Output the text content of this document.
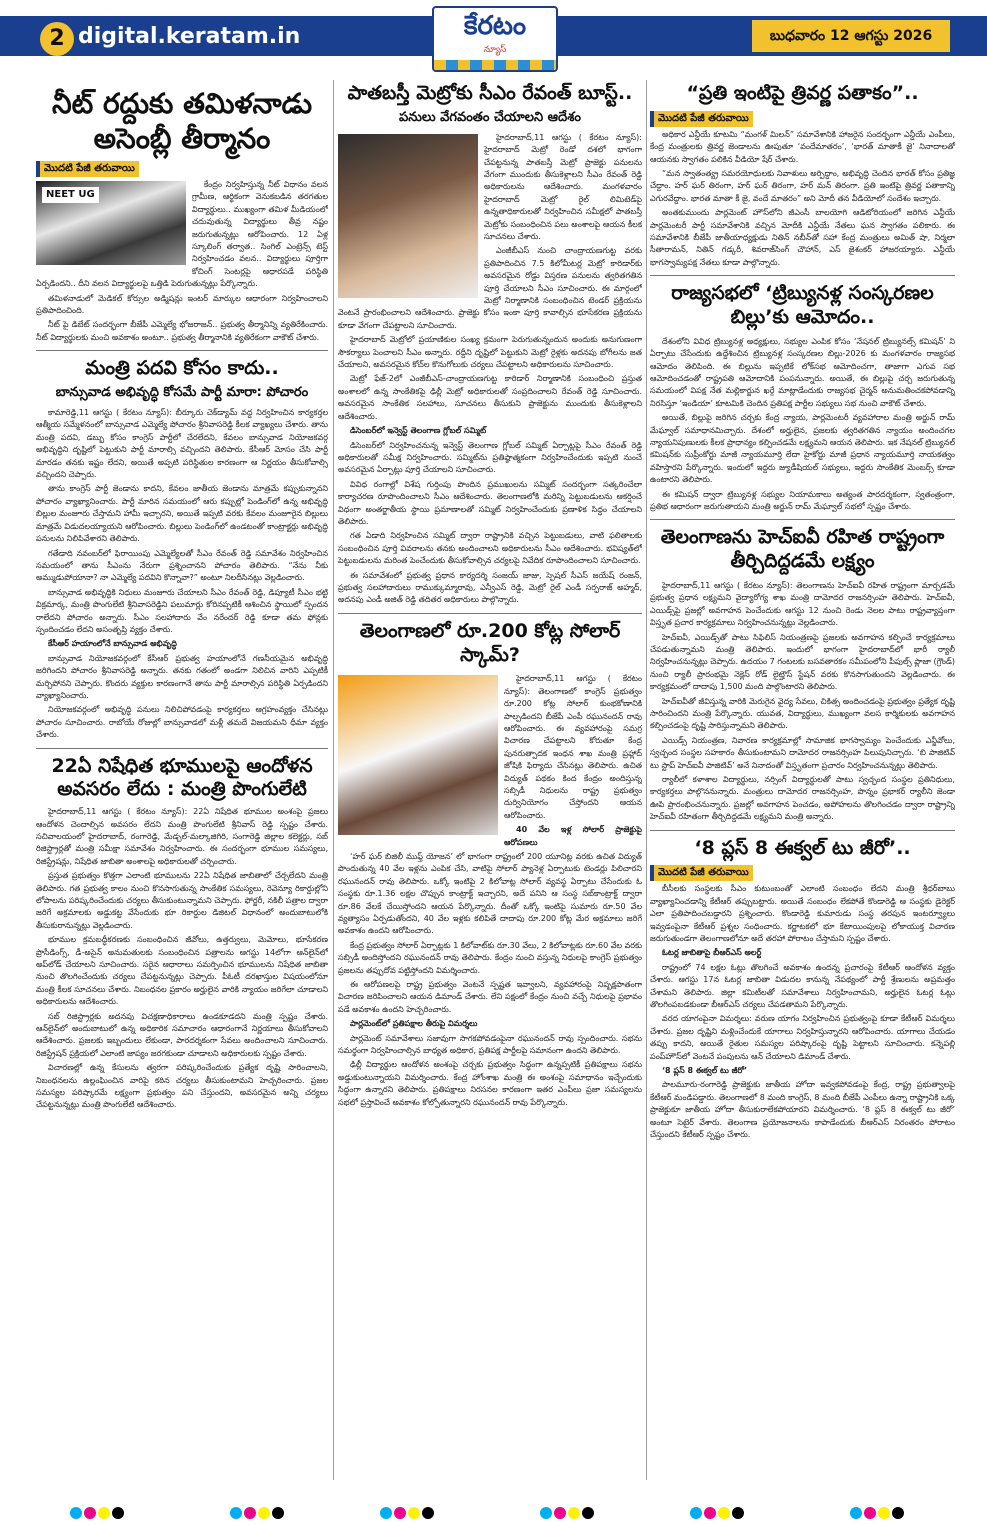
2 digital.keratam.in	కేరటం
న్యూస్
బుధవారం 12 ఆగస్టు 2026
నీట్ రద్దుకు తమిళనాడు అసెంబ్లీ తీర్మానం
మొదటి పేజీ తరువాయి
NEET UG

కేంద్రం నిర్వహిస్తున్న నీట్ విధానం వలన గ్రామీణ, ఆర్థికంగా వెనుకబడిన తరగతుల విద్యార్థులు.. ముఖ్యంగా తమిళ మీడియంలో చదువుతున్న విద్యార్థులు తీవ్ర నష్టం జరుగుతున్నట్లు ఆరోపించారు. 12 ఏళ్ల స్కూలింగ్ తర్వాత.. సింగిల్ ఎంట్రెన్స్ టెస్ట్ నిర్వహించడం వలన.. విద్యార్థులు పూర్తిగా కోచింగ్ సెంటర్లపై ఆధారపడే పరిస్థితి ఏర్పడిందని.. దీని వలన విద్యార్థులపై ఒత్తిడి పెరుగుతున్నట్లు పేర్కొన్నారు.

తమిళనాడులో మెడికల్ కోర్సుల అడ్మిషన్లు ఇంటర్ మార్కుల ఆధారంగా నిర్వహించాలని ప్రతిపాదించింది.

నీట్ పై డిబేట్ సందర్భంగా బీజేపీ ఎమ్మెల్యే భోజరాజన్.. ప్రభుత్వ తీర్మానిన్ని వ్యతిరేకించారు. నీట్ విద్యార్థులకు మంచి అవకాశం అంటూ.. ప్రభుత్వ తీర్మానానికి వ్యతిరేకంగా వాకౌట్ చేశారు.

మంత్రి పదవి కోసం కాదు..
బాన్సువాడ అభివృద్ధి కోసమే పార్టీ మారా: పోచారం

కామారెడ్డి,11 ఆగస్టు ( కేరటం న్యూస్): బీర్కూరు చెక్‌డ్యామ్ వద్ద నిర్వహించిన కార్యకర్తల ఆత్మీయ సమ్మేళనంలో బాన్సువాడ ఎమ్మెల్యే పోచారం శ్రీనివాసరెడ్డి కీలక వ్యాఖ్యలు చేశారు. తాను మంత్రి పదవి, డబ్బు కోసం కాంగ్రెస్ పార్టీలో చేరలేదని, కేవలం బాన్సువాడ నియోజకవర్గ అభివృద్ధిని దృష్టిలో పెట్టుకుని పార్టీ మారాల్సి వచ్చిందని తెలిపారు. కేసీఆర్ మోసం చేసి పార్టీ మారడం తనకు ఇష్టం లేదని, అయితే అప్పటి పరిస్థితుల కారణంగా ఆ నిర్ణయం తీసుకోవాల్సి వచ్చిందని చెప్పారు.

తాను కాంగ్రెస్ పార్టీ జెండాను కాదని, కేవలం జాతీయ జెండాను మాత్రమే కప్పుకున్నానని పోచారం వ్యాఖ్యానించారు. పార్టీ మారిన సమయంలో ఆరు కప్పుల్లో పెండింగ్‌లో ఉన్న అభివృద్ధి బిల్లుల మంజూరు చేస్తామని హామీ ఇచ్చారని, అయితే ఇప్పటి వరకు కేవలం మంజూరైన బిల్లులు మాత్రమే విడుదలయ్యాయని ఆరోపించారు. బిల్లులు పెండింగ్‌లో ఉండటంతో కాంట్రాక్టర్లు అభివృద్ధి పనులను నిలిపివేశారని తెలిపారు.

గతేడాది నవంబర్‌లో ఫిరాయింపు ఎమ్మెల్యేలతో సీఎం రేవంత్ రెడ్డి సమావేశం నిర్వహించిన సమయంలో తాను సీఎంను నేరుగా ప్రశ్నించానని పోచారం తెలిపారు. “నేను నీకు అమ్ముడుపోయానా? నా ఎమ్మెల్యే పదవిని కొన్నావా?” అంటూ నిలదీసినట్లు వెల్లడించారు.

బాన్సువాడ అభివృద్ధికి నిధులు మంజూరు చేయాలని సీఎం రేవంత్ రెడ్డి, డిప్యూటీ సీఎం భట్టి విక్రమార్క, మంత్రి పొంగులేటి శ్రీనివాసరెడ్డిని పలుమార్లు కోరినప్పటికీ ఆశించిన స్థాయిలో స్పందన రాలేదని పోచారం అన్నారు. సీఎం సలహాదారు వేం నరేందర్ రెడ్డి కూడా తమ ఫోన్లకు స్పందించడం లేదని అసంతృప్తి వ్యక్తం చేశారు.

కేసీఆర్ హయాంలోనే బాన్సువాడ అభివృద్ధి

బాన్సువాడ నియోజకవర్గంలో కేసీఆర్ ప్రభుత్వ హయాంలోనే గణనీయమైన అభివృద్ధి జరిగిందని పోచారం శ్రీనివాసరెడ్డి అన్నారు. తనకు గతంలో అండగా నిలిచిన వారిని ఎప్పటికీ మర్చిపోనని చెప్పారు. కొందరు వ్యక్తుల కారణంగానే తాను పార్టీ మారాల్సిన పరిస్థితి ఏర్పడిందని వ్యాఖ్యానించారు.

నియోజకవర్గంలో అభివృద్ధి పనులు నిలిచిపోవడంపై కార్యకర్తలు ఆగ్రహంవ్యక్తం చేసినట్లు పోచారం సూచించారు. రాబోయే రోజుల్లో బాన్సువాడలో మళ్లీ తమదే విజయమని ధీమా వ్యక్తం చేశారు.

22ఏ నిషేధిత భూములపై ఆందోళన అవసరం లేదు : మంత్రి పొంగులేటి

హైదరాబాద్,11 ఆగస్టు ( కేరటం న్యూస్): 22ఏ నిషేధిత భూముల అంశంపై ప్రజలు ఆందోళన చెందాల్సిన అవసరం లేదని మంత్రి పొంగులేటి శ్రీనివాస్ రెడ్డి స్పష్టం చేశారు. సచివాలయంలో హైదరాబాద్, రంగారెడ్డి, మేడ్చల్-మల్కాజిగిరి, సంగారెడ్డి జిల్లాల కలెక్టర్లు, సబ్ రిజిస్ట్రార్లతో మంత్రి సమీక్షా సమావేశం నిర్వహించారు. ఈ సందర్భంగా భూముల సమస్యలు, రిజిస్ట్రేషన్లు, నిషేధిత జాబితా అంశాలపై అధికారులతో చర్చించారు.

ప్రస్తుత ప్రభుత్వం కొత్తగా ఎలాంటి భూములను 22ఏ నిషేధిత జాబితాలో చేర్చలేదని మంత్రి తెలిపారు. గత ప్రభుత్వ కాలం నుంచి కొనసాగుతున్న సాంకేతిక సమస్యలు, రెవెన్యూ రికార్డుల్లోని లోపాలను పరిష్కరించేందుకు చర్యలు తీసుకుంటున్నామని చెప్పారు. ఫోర్జరీ, నకిలీ పత్రాల ద్వారా జరిగే అక్రమాలకు అడ్డుకట్ట వేసేందుకు భూ రికార్డుల డిజిటల్ విధానంలో అందుబాటులోకి తీసుకురానున్నట్లు వెల్లడించారు.

భూముల క్రమబద్ధీకరణకు సంబంధించిన జీవోలు, ఉత్తర్వులు, మెమోలు, భూసేకరణ ప్రొసీడింగ్స్, డీ-అసైన్ అనుమతులకు సంబంధించిన పత్రాలను ఆగస్టు 14లోగా ఆన్‌లైన్‌లో అప్‌లోడ్ చేయాలని సూచించారు. సరైన ఆధారాలు సమర్పించిన భూములను నిషేధిత జాబితా నుంచి తొలగించేందుకు చర్యలు చేపట్టనున్నట్లు చెప్పారు. పీఓటీ దరఖాస్తుల విషయంలోనూ మంత్రి కీలక సూచనలు చేశారు. నిబంధనల ప్రకారం అర్హులైన వారికి న్యాయం జరిగేలా చూడాలని అధికారులను ఆదేశించారు.

సబ్ రిజిస్ట్రార్లకు అదనపు విచక్షణాధికారాలు ఉండకూడదని మంత్రి స్పష్టం చేశారు. ఆన్‌లైన్‌లో అందుబాటులో ఉన్న అధికారిక సమాచారం ఆధారంగానే నిర్ణయాలు తీసుకోవాలని ఆదేశించారు. ప్రజలకు ఇబ్బందులు లేకుండా, పారదర్శకంగా సేవలు అందించాలని సూచించారు. రిజిస్ట్రేషన్ ప్రక్రియలో ఎలాంటి జాప్యం జరగకుండా చూడాలని అధికారులకు స్పష్టం చేశారు.

విచారణల్లో ఉన్న కేసులను త్వరగా పరిష్కరించేందుకు ప్రత్యేక దృష్టి సారించాలని, నిబంధనలను ఉల్లంఘించిన వారిపై కఠిన చర్యలు తీసుకుంటామని హెచ్చరించారు. ప్రజల సమస్యల పరిష్కారమే లక్ష్యంగా ప్రభుత్వం పని చేస్తుందని, అవసరమైన అన్ని చర్యలు చేపట్టనున్నట్లు మంత్రి పొంగులేటి ఆదేశించారు.

పాతబస్తీ మెట్రోకు సీఎం రేవంత్ బూస్ట్..
పనులు వేగవంతం చేయాలని ఆదేశం

హైదరాబాద్,11 ఆగస్టు ( కేరటం న్యూస్): హైదరాబాద్ మెట్రో రెండో దశలో భాగంగా చేపట్టనున్న పాతబస్తీ మెట్రో ప్రాజెక్టు పనులను వేగంగా ముందుకు తీసుకెళ్లాలని సీఎం రేవంత్ రెడ్డి అధికారులను ఆదేశించారు. మంగళవారం హైదరాబాద్ మెట్రో రైల్ లిమిటెడ్‌పై ఉన్నతాధికారులతో నిర్వహించిన సమీక్షలో పాతబస్తీ మెట్రోకు సంబంధించిన పలు అంశాలపై ఆయన కీలక సూచనలు చేశారు.

ఎంజీబీఎస్ నుంచి చాంద్రాయణగుట్ట వరకు ప్రతిపాదించిన 7.5 కిలోమీటర్ల మెట్రో కారిడార్‌కు అవసరమైన రోడ్డు విస్తరణ పనులను త్వరితగతిన పూర్తి చేయాలని సీఎం సూచించారు. ఈ మార్గంలో మెట్రో నిర్మాణానికి సంబంధించిన టెండర్ ప్రక్రియను వెంటనే ప్రారంభించాలని ఆదేశించారు. ప్రాజెక్టు కోసం ఇంకా పూర్తి కావాల్సిన భూసేకరణ ప్రక్రియను కూడా వేగంగా చేపట్టాలని సూచించారు.

హైదరాబాద్ మెట్రోలో ప్రయాణికుల సంఖ్య క్రమంగా పెరుగుతున్నందున అందుకు అనుగుణంగా సౌకర్యాలు పెంచాలని సీఎం అన్నారు. రద్దీని దృష్టిలో పెట్టుకుని మెట్రో రైళ్లకు అదనపు బోగీలను జత చేయాలని, అవసరమైన కోచ్‌ల కొనుగోలుకు చర్యలు చేపట్టాలని అధికారులను సూచించారు.

మెట్రో ఫేజ్-2లో ఎంజీబీఎస్-చాంద్రాయణగుట్ట కారిడార్ నిర్మాణానికి సంబంధించి ప్రస్తుత అంశాలలో ఉన్న సాంకేతికపై ఢిల్లీ మెట్రో అధికారులతో సంప్రదించాలని రేవంత్ రెడ్డి సూచించారు. అవసరమైన సాంకేతిక సలహాలు, సూచనలు తీసుకుని ప్రాజెక్టును ముందుకు తీసుకెళ్లాలని ఆదేశించారు.

డిసెంబర్‌లో ఇన్వెస్ట్ తెలంగాణ గ్లోబల్ సమ్మిట్

డిసెంబర్‌లో నిర్వహించనున్న ఇన్వెస్ట్ తెలంగాణ గ్లోబల్ సమ్మిట్ ఏర్పాట్లపై సీఎం రేవంత్ రెడ్డి అధికారులతో సమీక్ష నిర్వహించారు. సమ్మిట్‌ను ప్రతిష్ఠాత్మకంగా నిర్వహించేందుకు ఇప్పటి నుంచే అవసరమైన ఏర్పాట్లు పూర్తి చేయాలని సూచించారు.

వివిధ రంగాల్లో విశేష గుర్తింపు పొందిన ప్రముఖులను సమ్మిట్ సందర్భంగా సత్కరించేలా కార్యాచరణ రూపొందించాలని సీఎం ఆదేశించారు. తెలంగాణలోకి మరిన్ని పెట్టుబడులను ఆకర్షించే విధంగా అంతర్జాతీయ స్థాయి ప్రమాణాలతో సమ్మిట్ నిర్వహించేందుకు ప్రణాళిక సిద్ధం చేయాలని తెలిపారు.

గత ఏడాది నిర్వహించిన సమ్మిట్ ద్వారా రాష్ట్రానికి వచ్చిన పెట్టుబడులు, వాటి ఫలితాలకు సంబంధించిన పూర్తి వివరాలను తనకు అందించాలని అధికారులను సీఎం ఆదేశించారు. భవిష్యత్‌లో పెట్టుబడులను మరింత పెంచేందుకు తీసుకోవాల్సిన చర్యలపై నివేదిక రూపొందించాలని సూచించారు.

ఈ సమావేశంలో ప్రభుత్వ ప్రధాన కార్యదర్శి సంజయ్ జాజు, స్పెషల్ సీఎస్ జయేష్ రంజన్, ప్రభుత్వ సలహాదారులు రాముక్కుమ్మారావు, ఎన్వీఎస్ రెడ్డి, మెట్రో రైల్ ఎండీ సర్ఫరాజ్ అహ్మద్, అదనపు ఎండీ అజిత్ రెడ్డి తదితర అధికారులు పాల్గొన్నారు.

తెలంగాణలో రూ.200 కోట్ల సోలార్ స్కామ్?

హైదరాబాద్,11 ఆగస్టు ( కేరటం న్యూస్): తెలంగాణలో కాంగ్రెస్ ప్రభుత్వం రూ.200 కోట్ల సోలార్ కుంభకోణానికి పాల్పడిందని బీజేపీ ఎంపీ రఘునందన్ రావు ఆరోపించారు. ఈ వ్యవహారంపై సమగ్ర విచారణ చేపట్టాలని కోరుతూ కేంద్ర పునరుత్పాదక ఇంధన శాఖ మంత్రి ప్రహ్లాద్ జోషికి ఫిర్యాదు చేసినట్లు తెలిపారు. ఉచిత విద్యుత్ పథకం కింద కేంద్రం అందిస్తున్న సబ్సిడీ నిధులను రాష్ట్ర ప్రభుత్వం దుర్వినియోగం చేస్తోందని ఆయన ఆరోపించారు.

40 వేల ఇళ్ల సోలార్ ప్రాజెక్టుపై ఆరోపణలు

‘హర్ ఘర్ బిజిలీ ముఫ్త్ యోజన’ లో భాగంగా రాష్ట్రంలో 200 యూనిట్ల వరకు ఉచిత విద్యుత్ పొందుతున్న 40 వేల ఇళ్లను ఎంపిక చేసి, వాటిపై సోలార్ ప్యానెళ్ల ఏర్పాటుకు టెండర్లు పిలిచారని రఘునందన్ రావు తెలిపారు. ఒక్కో ఇంటిపై 2 కిలోవాట్ల సోలార్ వ్యవస్థ ఏర్పాటు చేసేందుకు ఓ సంస్థకు రూ.1.36 లక్షల చొప్పున కాంట్రాక్ట్ ఇచ్చారని, అదే పనిని ఆ సంస్థ సబ్‌కాంట్రాక్ట్ ద్వారా రూ.86 వేలకే చేయిస్తోందని ఆయన పేర్కొన్నారు. దీంతో ఒక్కో ఇంటిపై సుమారు రూ.50 వేల వ్యత్యాసం ఏర్పడుతోందని, 40 వేల ఇళ్లకు కలిపితే దాదాపు రూ.200 కోట్ల మేర అక్రమాలు జరిగే అవకాశం ఉందని ఆరోపించారు.

కేంద్ర ప్రభుత్వం సోలార్ ఏర్పాట్లకు 1 కిలోవాట్‌కు రూ.30 వేలు, 2 కిలోవాట్లకు రూ.60 వేల వరకు సబ్సిడీ అందిస్తోందని రఘునందన్ రావు తెలిపారు. కేంద్రం నుంచి వస్తున్న నిధులపై కాంగ్రెస్ ప్రభుత్వం ప్రజలను తప్పుదోవ పట్టిస్తోందని విమర్శించారు.

ఈ ఆరోపణలపై రాష్ట్ర ప్రభుత్వం వెంటనే స్పష్టత ఇవ్వాలని, వ్యవహారంపై నిష్పక్షపాతంగా విచారణ జరిపించాలని ఆయన డిమాండ్ చేశారు. లేని పక్షంలో కేంద్రం నుంచి వచ్చే నిధులపై ప్రభావం పడే అవకాశం ఉందని హెచ్చరించారు.

పార్లమెంట్‌లో ప్రతిపక్షాల తీరుపై విమర్శలు

పార్లమెంట్ సమావేశాలు సజావుగా సాగకపోవడంపైనా రఘునందన్ రావు స్పందించారు. సభను సమర్థంగా నిర్వహించాల్సిన బాధ్యత అధికార, ప్రతిపక్ష పార్టీలపై సమానంగా ఉందని తెలిపారు.

ఢిల్లీ విద్యార్థుల ఆందోళన అంశంపై చర్చకు ప్రభుత్వం సిద్ధంగా ఉన్నప్పటికీ ప్రతిపక్షాలు సభను అడ్డుకుంటున్నాయని విమర్శించారు. కేంద్ర హోంశాఖ మంత్రి ఈ అంశంపై సమాధానం ఇచ్చేందుకు సిద్ధంగా ఉన్నారని తెలిపారు. ప్రతిపక్షాలు నిరసనల కారణంగా ఇతర ఎంపీలు ప్రజా సమస్యలను సభలో ప్రస్తావించే అవకాశం కోల్పోతున్నారని రఘునందన్ రావు పేర్కొన్నారు.

“ప్రతి ఇంటిపై త్రివర్ణ పతాకం”..
మొదటి పేజీ తరువాయి

అధికార ఎన్డీయే కూటమి “మంగళ్ మిలన్” సమావేశానికి హాజరైన సందర్భంగా ఎన్డీయే ఎంపీలు, కేంద్ర మంత్రులకు త్రివర్ణ జెండాలను ఊపుతూ ‘వందేమాతరం’, ‘భారత్ మాతాకీ జై’ నినాదాలతో ఆయనకు స్వాగతం పలికిన వీడియో షేర్ చేశారు.

“మన స్వాతంత్య్ర సమరయోధులకు నివాళులు అర్పిద్దాం, అభివృద్ధి చెందిన భారత్ కోసం ప్రతిజ్ఞ చేద్దాం. హర్ ఘర్ తిరంగా, హర్ ఘర్ తిరంగా, హర్ మన్ తిరంగా. ప్రతి ఇంటిపై త్రివర్ణ పతాకాన్ని ఎగురవేద్దాం. భారత మాతా కీ జై, వందే మాతరం” అని మోదీ తన వీడియోలో సందేశం ఇచ్చారు.

అంతకుముందు పార్లమెంట్ హౌస్‌లోని జీఎంసీ బాలయోగి ఆడిటోరియంలో జరిగిన ఎన్డీయే పార్లమెంటరీ పార్టీ సమావేశానికి వచ్చిన మోదీకి ఎన్డీయే నేతలు ఘన స్వాగతం పలికారు. ఈ సమావేశానికి బీజేపీ జాతీయాధ్యక్షుడు నితిన్ నబీన్‌తో సహా కేంద్ర మంత్రులు అమిత్ షా, నిర్మలా సీతారామన్, నితిన్ గడ్కరీ, శివరాజ్‌సింగ్ చౌహాన్, ఎస్ జైశంకర్ హాజరయ్యారు. ఎన్డీయే భాగస్వామ్యపక్ష నేతలు కూడా పాల్గొన్నారు.

రాజ్యసభలో ‘ట్రిబ్యునళ్ల సంస్కరణల బిల్లు’కు ఆమోదం..

దేశంలోని వివిధ ట్రిబ్యునళ్ల అధ్యక్షులు, సభ్యుల ఎంపిక కోసం ‘నేషనల్ ట్రిబ్యునల్స్ కమిషన్’ ని ఏర్పాటు చేసేందుకు ఉద్దేశించిన ట్రిబ్యునళ్ల సంస్కరణల బిల్లు-2026 కు మంగళవారం రాజ్యసభ ఆమోదం తెలిపింది. ఈ బిల్లును ఇప్పటికే లోక్‌సభ ఆమోదించగా, తాజాగా ఎగువ సభ ఆమోదించడంతో రాష్ట్రపతి ఆమోదానికి పంపనున్నారు. అయితే, ఈ బిల్లుపై చర్చ జరుగుతున్న సమయంలో విపక్ష నేత మల్లికార్జున ఖర్గే మాట్లాడేందుకు రాజ్యసభ చైర్మన్ అనుమతించకపోవడాన్ని నిరసిస్తూ ‘ఇండియా’ కూటమికి చెందిన ప్రతిపక్ష పార్టీల సభ్యులు సభ నుంచి వాకౌట్ చేశారు.

అయితే, బిల్లుపై జరిగిన చర్చకు కేంద్ర న్యాయ, పార్లమెంటరీ వ్యవహారాల మంత్రి అర్జున్ రామ్ మేఘ్వాల్ సమాధానమిచ్చారు. దేశంలో అర్హులైన, ప్రజలకు త్వరితగతిన న్యాయం అందించగల న్యాయనిపుణులకు కీలక ప్రాధాన్యం కల్పించడమే లక్ష్యమని ఆయన తెలిపారు. ఇక నేషనల్ ట్రిబ్యునల్ కమిషన్‌కు సుప్రీంకోర్టు మాజీ న్యాయమూర్తి లేదా హైకోర్టు మాజీ ప్రధాన న్యాయమూర్తి నాయకత్వం వహిస్తారని పేర్కొన్నారు. ఇందులో ఇద్దరు జ్యుడీషియల్ సభ్యులు, ఇద్దరు సాంకేతిక మెంబర్స్ కూడా ఉంటారని తెలిపారు.

ఈ కమిషన్ ద్వారా ట్రిబ్యునళ్ల సభ్యుల నియామకాలు అత్యంత పారదర్శకంగా, స్వతంత్రంగా, ప్రతిభ ఆధారంగా జరుగుతాయని మంత్రి అర్జున్ రామ్ మేఘ్వాల్ సభలో స్పష్టం చేశారు.

తెలంగాణను హెచ్‌ఐవీ రహిత రాష్ట్రంగా తీర్చిదిద్దడమే లక్ష్యం

హైదరాబాద్,11 ఆగస్టు ( కేరటం న్యూస్): తెలంగాణను హెచ్‌ఐవీ రహిత రాష్ట్రంగా మార్చడమే ప్రభుత్వ ప్రధాన లక్ష్యమని వైద్యారోగ్య శాఖ మంత్రి దామోదర రాజనర్సింహ తెలిపారు. హెచ్‌ఐవీ, ఎయిడ్స్‌పై ప్రజల్లో అవగాహన పెంచేందుకు ఆగస్టు 12 నుంచి రెండు నెలల పాటు రాష్ట్రవ్యాప్తంగా విస్తృత ప్రచార కార్యక్రమాలు నిర్వహించనున్నట్లు వెల్లడించారు.

హెచ్‌ఐవీ, ఎయిడ్స్‌తో పాటు సిఫిలిస్ నియంత్రణపై ప్రజలకు అవగాహన కల్పించే కార్యక్రమాలు చేపడుతున్నామని మంత్రి తెలిపారు. ఇందులో భాగంగా హైదరాబాద్‌లో భారీ ర్యాలీ నిర్వహించనున్నట్లు చెప్పారు. ఉదయం 7 గంటలకు బసవతారకం సమీపంలోని పీపుల్స్ ప్లాజా (గ్రౌండ్) నుంచి ర్యాలీ ప్రారంభమై నెక్లెస్ రోడ్ లైట్హౌస్ స్టేషన్ వరకు కొనసాగుతుందని వెల్లడించారు. ఈ కార్యక్రమంలో దాదాపు 1,500 మంది పాల్గొంటారని తెలిపారు.

హెచ్‌ఐవీతో జీవిస్తున్న వారికి మెరుగైన వైద్య సేవలు, చికిత్స అందించడంపై ప్రభుత్వం ప్రత్యేక దృష్టి సారించిందని మంత్రి పేర్కొన్నారు. యువత, విద్యార్థులు, ముఖ్యంగా వలస కార్మికులకు అవగాహన కల్పించడంపై దృష్టి సారిస్తున్నామని తెలిపారు.

ఎయిడ్స్ నియంత్రణ, నివారణ కార్యక్రమాల్లో సామాజిక భాగస్వామ్యం పెంచేందుకు ఎన్జీవోలు, స్వచ్ఛంద సంస్థల సహకారం తీసుకుంటామని దామోదర రాజనర్సింహ పిలుపునిచ్చారు. ‘బి పాజిటివ్ టు స్టాప్ హెచ్‌ఐవీ పాజిటివ్’ అనే నినాదంతో విస్తృతంగా ప్రచారం నిర్వహించనున్నట్లు తెలిపారు.

ర్యాలీలో కళాశాల విద్యార్థులు, నర్సింగ్ విద్యార్థులతో పాటు స్వచ్ఛంద సంస్థల ప్రతినిధులు, కార్యకర్తలు పాల్గొననున్నారు. మంత్రులు దామోదర రాజనర్సింహ, పొన్నం ప్రభాకర్ ర్యాలీని జెండా ఊపి ప్రారంభించనున్నారు. ప్రజల్లో అవగాహన పెంచడం, అపోహలను తొలగించడం ద్వారా రాష్ట్రాన్ని హెచ్‌ఐవీ రహితంగా తీర్చిదిద్దడమే లక్ష్యమని మంత్రి అన్నారు.

‘8 ప్లస్ 8 ఈక్వల్ టు జీరో’..
మొదటి పేజీ తరువాయి

బీసీలకు సంస్థలకు సీఎం కుటుంబంతో ఎలాంటి సంబంధం లేదని మంత్రి శ్రీధర్‌బాబు వ్యాఖ్యానించడాన్ని కేటీఆర్ తప్పుబట్టారు. అయితే సంబంధం లేకపోతే కొండారెడ్డి ఆ సంస్థకు డైరెక్టర్ ఎలా ప్రతిపాదించబడ్డారని ప్రశ్నించారు. కొండారెడ్డి కుమారుడు సంస్థ తరపున ఇంటర్వ్యూలు ఇవ్వడంపైనా కేటీఆర్ ప్రశ్నల సంధించారు. కర్ణాటకలో భూ కేటాయింపులపై లోకాయుక్త విచారణ జరుగుతుండగా తెలంగాణలోనూ అదే తరహా పోరాటం చేస్తామని స్పష్టం చేశారు.

ఓటర్ల జాబితాపై బీఆర్ఎస్ అలర్ట్

రాష్ట్రంలో 74 లక్షల ఓట్లు తొలగించే అవకాశం ఉందన్న ప్రచారంపై కేటీఆర్ ఆందోళన వ్యక్తం చేశారు. ఆగస్టు 17న ఓటర్ల జాబితా విడుదల కానున్న నేపథ్యంలో పార్టీ శ్రేణులను అప్రమత్తం చేశామని తెలిపారు. జిల్లా కమిటీలతో సమావేశాలు నిర్వహించామని, అర్హులైన ఓటర్ల ఓట్లు తొలగింపబడకుండా బీఆర్ఎస్ చర్యలు చేపడతామని పేర్కొన్నారు.

వరద యాగంపైనా విమర్శలు: వరుణ యాగం నిర్వహించిన ప్రభుత్వంపై కూడా కేటీఆర్ విమర్శలు చేశారు. ప్రజల దృష్టిని మళ్లించేందుకే యాగాలు నిర్వహిస్తున్నారని ఆరోపించారు. యాగాలు చేయడం తప్పు కాదని, అయితే రైతుల సమస్యల పరిష్కారంపై దృష్టి పెట్టాలని సూచించారు. కన్నెపల్లి పంప్‌హౌస్‌లో వెంటనే పంపులను ఆన్ చేయాలని డిమాండ్ చేశారు.

‘8 ప్లస్ 8 ఈక్వల్ టు జీరో’

పాలమూరు-రంగారెడ్డి ప్రాజెక్టుకు జాతీయ హోదా ఇవ్వకపోవడంపై కేంద్ర, రాష్ట్ర ప్రభుత్వాలపై కేటీఆర్ మండిపడ్డారు. తెలంగాణలో 8 మంది కాంగ్రెస్, 8 మంది బీజేపీ ఎంపీలు ఉన్నా రాష్ట్రానికి ఒక్క ప్రాజెక్టుకూ జాతీయ హోదా తీసుకురాలేకపోయారని విమర్శించారు. ‘8 ప్లస్ 8 ఈక్వల్ టు జీరో’ అంటూ సెటైర్ వేశారు. తెలంగాణ ప్రయోజనాలను కాపాడేందుకు బీఆర్ఎస్ నిరంతరం పోరాటం చేస్తుందని కేటీఆర్ స్పష్టం చేశారు.
